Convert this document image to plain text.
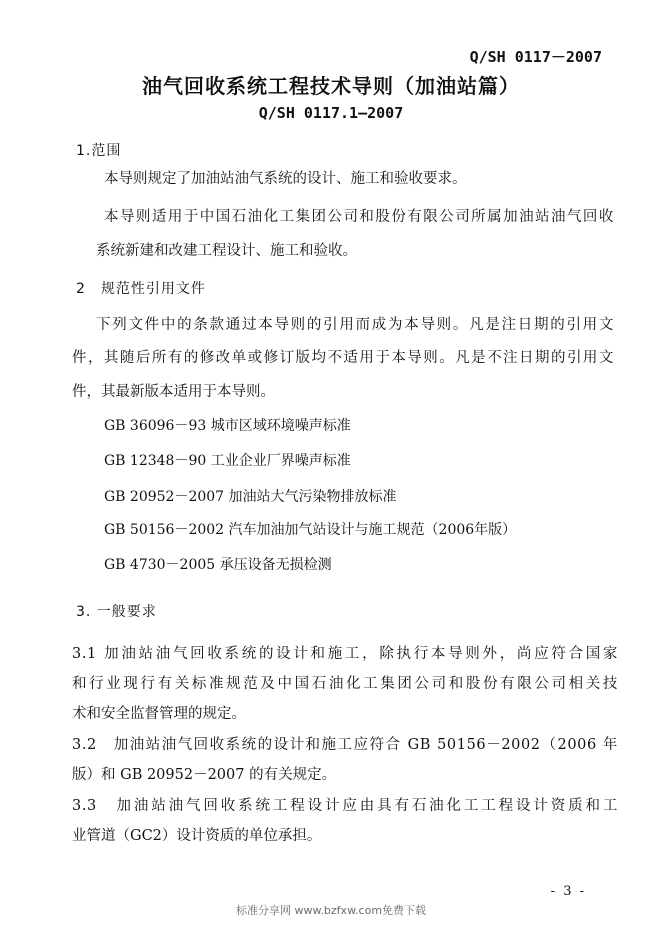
Q/SH 0117－2007
油气回收系统工程技术导则（加油站篇）
Q/SH 0117.1—2007
1.范围
本导则规定了加油站油气系统的设计、施工和验收要求。
本导则适用于中国石油化工集团公司和股份有限公司所属加油站油气回收
系统新建和改建工程设计、施工和验收。
2　规范性引用文件
下列文件中的条款通过本导则的引用而成为本导则。凡是注日期的引用文
件，其随后所有的修改单或修订版均不适用于本导则。凡是不注日期的引用文
件，其最新版本适用于本导则。
GB 36096－93 城市区域环境噪声标准
GB 12348－90 工业企业厂界噪声标准
GB 20952－2007 加油站大气污染物排放标准
GB 50156－2002 汽车加油加气站设计与施工规范（2006年版）
GB 4730－2005 承压设备无损检测
3. 一般要求
3.1 加油站油气回收系统的设计和施工，除执行本导则外，尚应符合国家
和行业现行有关标准规范及中国石油化工集团公司和股份有限公司相关技
术和安全监督管理的规定。
3.2　加油站油气回收系统的设计和施工应符合 GB 50156－2002（2006 年
版）和 GB 20952－2007 的有关规定。
3.3　加油站油气回收系统工程设计应由具有石油化工工程设计资质和工
业管道（GC2）设计资质的单位承担。
- 3 -
标准分享网 www.bzfxw.com免费下载
